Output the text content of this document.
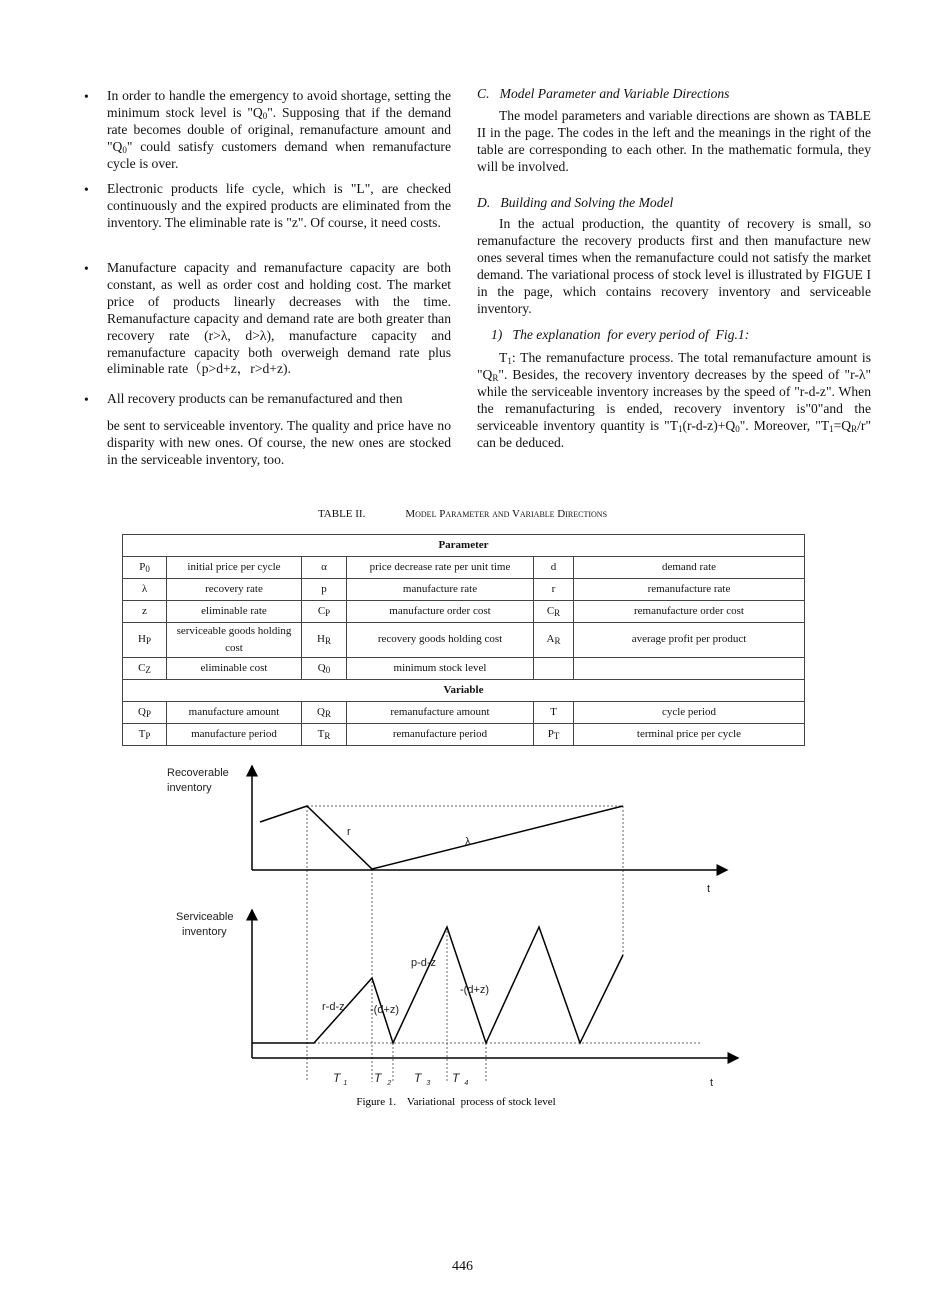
• In order to handle the emergency to avoid shortage, setting the minimum stock level is "$Q_0$". Supposing that if the demand rate becomes double of original, remanufacture amount and "$Q_0$" could satisfy customers demand when remanufacture cycle is over.
• Electronic products life cycle, which is "L", are checked continuously and the expired products are eliminated from the inventory. The eliminable rate is "z". Of course, it need costs.
• Manufacture capacity and remanufacture capacity are both constant, as well as order cost and holding cost. The market price of products linearly decreases with the time. Remanufacture capacity and demand rate are both greater than recovery rate (r>λ, d>λ), manufacture capacity and remanufacture capacity both overweigh demand rate plus eliminable rate（p>d+z，r>d+z).
• All recovery products can be remanufactured and then
be sent to serviceable inventory. The quality and price have no disparity with new ones. Of course, the new ones are stocked in the serviceable inventory, too.
C.   Model Parameter and Variable Directions
The model parameters and variable directions are shown as TABLE II in the page. The codes in the left and the meanings in the right of the table are corresponding to each other. In the mathematic formula, they will be involved.
D.   Building and Solving the Model
In the actual production, the quantity of recovery is small, so remanufacture the recovery products first and then manufacture new ones several times when the remanufacture could not satisfy the market demand. The variational process of stock level is illustrated by FIGUE I in the page, which contains recovery inventory and serviceable inventory.
1)   The explanation  for every period of  Fig.1:
$T_1$: The remanufacture process. The total remanufacture amount is        "$Q_R$". Besides, the recovery inventory decreases by the speed of "r-λ" while the serviceable inventory increases by the speed of "r-d-z". When the remanufacturing is ended, recovery inventory is"0"and the serviceable inventory quantity is "$T_1(r-d-z)+Q_0$". Moreover, "$T_1=Q_R/r$" can be deduced.
TABLE II.	Model Parameter and Variable Directions
Parameter					
$P_0$	initial price per cycle	α	price decrease rate per unit time	d	demand rate
λ	recovery rate	p	manufacture rate	r	remanufacture rate
z	eliminable rate	$C_P$	manufacture order cost	$C_R$	remanufacture order cost
$H_P$	serviceable goods holding cost	$H_R$	recovery goods holding cost	$A_R$	average profit per product
$C_Z$	eliminable cost	$Q_0$	minimum stock level		
Variable					
$Q_P$	manufacture amount	$Q_R$	remanufacture amount	T	cycle period
$T_P$	manufacture period	$T_R$	remanufacture period	$P_T$	terminal price per cycle
Recoverable inventory
Serviceable inventory
t
t
r
λ
r-d-z -(d+z)
p-d-z
-(d+z)
T $_1$ T $_2$ T $_3$ T $_4$
Figure 1.    Variational  process of stock level
446
